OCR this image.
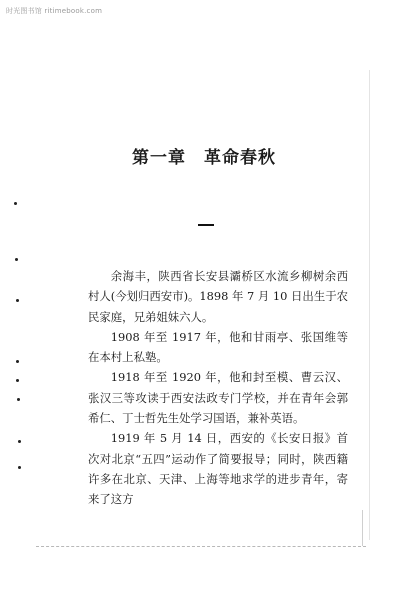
时光图书馆 ritimebook.com
第一章　革命春秋

余海丰，陕西省长安县灞桥区水流乡柳树余西村人(今划归西安市)。1898 年 7 月 10 日出生于农民家庭，兄弟姐妹六人。

1908 年至 1917 年，他和甘雨亭、张国维等在本村上私塾。

1918 年至 1920 年，他和封至模、曹云汉、张汉三等攻读于西安法政专门学校，并在青年会郭希仁、丁士哲先生处学习国语，兼补英语。

1919 年 5 月 14 日，西安的《长安日报》首次对北京“五四”运动作了简要报导；同时，陕西籍许多在北京、天津、上海等地求学的进步青年，寄来了这方
